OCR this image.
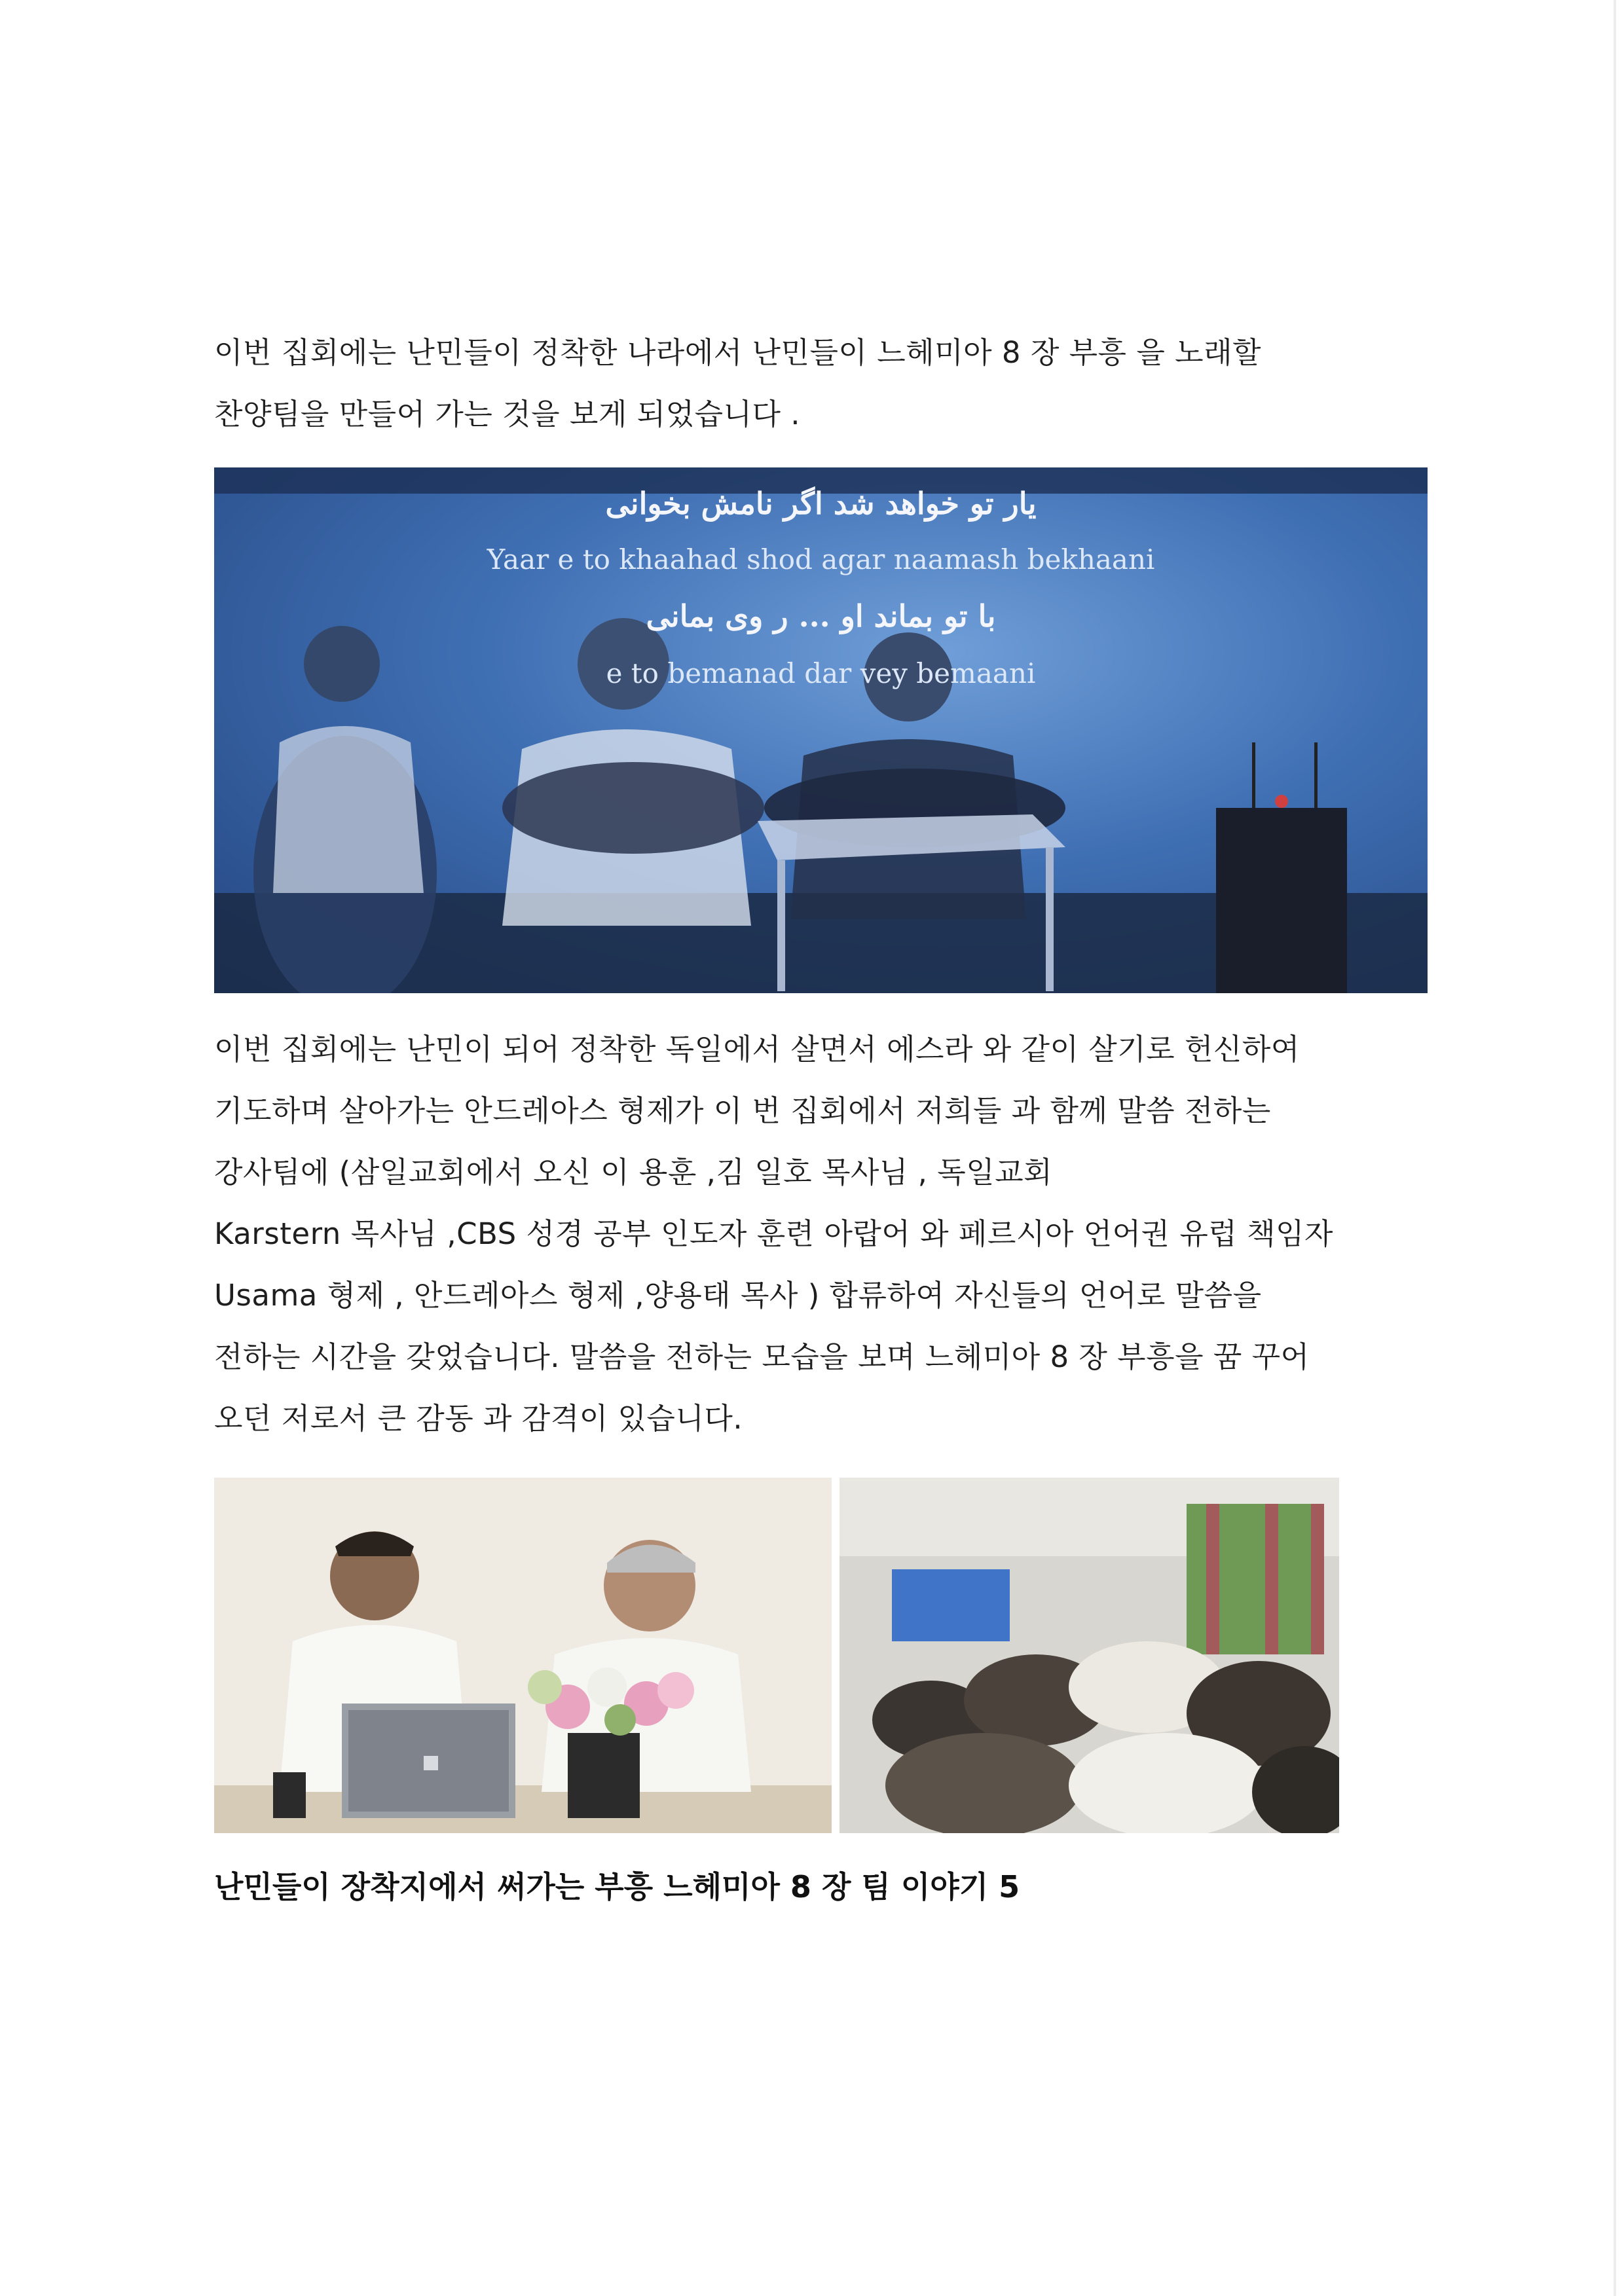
이번 집회에는 난민들이 정착한 나라에서 난민들이 느헤미아 8 장 부흥 을 노래할
찬양팀을 만들어 가는 것을 보게 되었습니다 .
یار تو خواهد شد اگر نامش بخوانی
Yaar e to khaahad shod agar naamash bekhaani
با تو بماند او ... ر وی بمانی
e to bemanad dar vey bemaani
이번 집회에는 난민이 되어 정착한 독일에서 살면서 에스라 와 같이 살기로 헌신하여
기도하며 살아가는 안드레아스 형제가 이 번 집회에서 저희들 과 함께 말씀 전하는
강사팀에 (삼일교회에서 오신 이 용훈 ,김 일호 목사님 , 독일교회
Karstern 목사님 ,CBS 성경 공부 인도자 훈련 아랍어 와 페르시아 언어권 유럽 책임자
Usama 형제 , 안드레아스 형제 ,양용태 목사 ) 합류하여 자신들의 언어로 말씀을
전하는 시간을 갖었습니다. 말씀을 전하는 모습을 보며 느헤미아 8 장 부흥을 꿈 꾸어
오던 저로서 큰 감동 과 감격이 있습니다.

난민들이 장착지에서 써가는 부흥 느헤미아 8 장 팀 이야기 5
